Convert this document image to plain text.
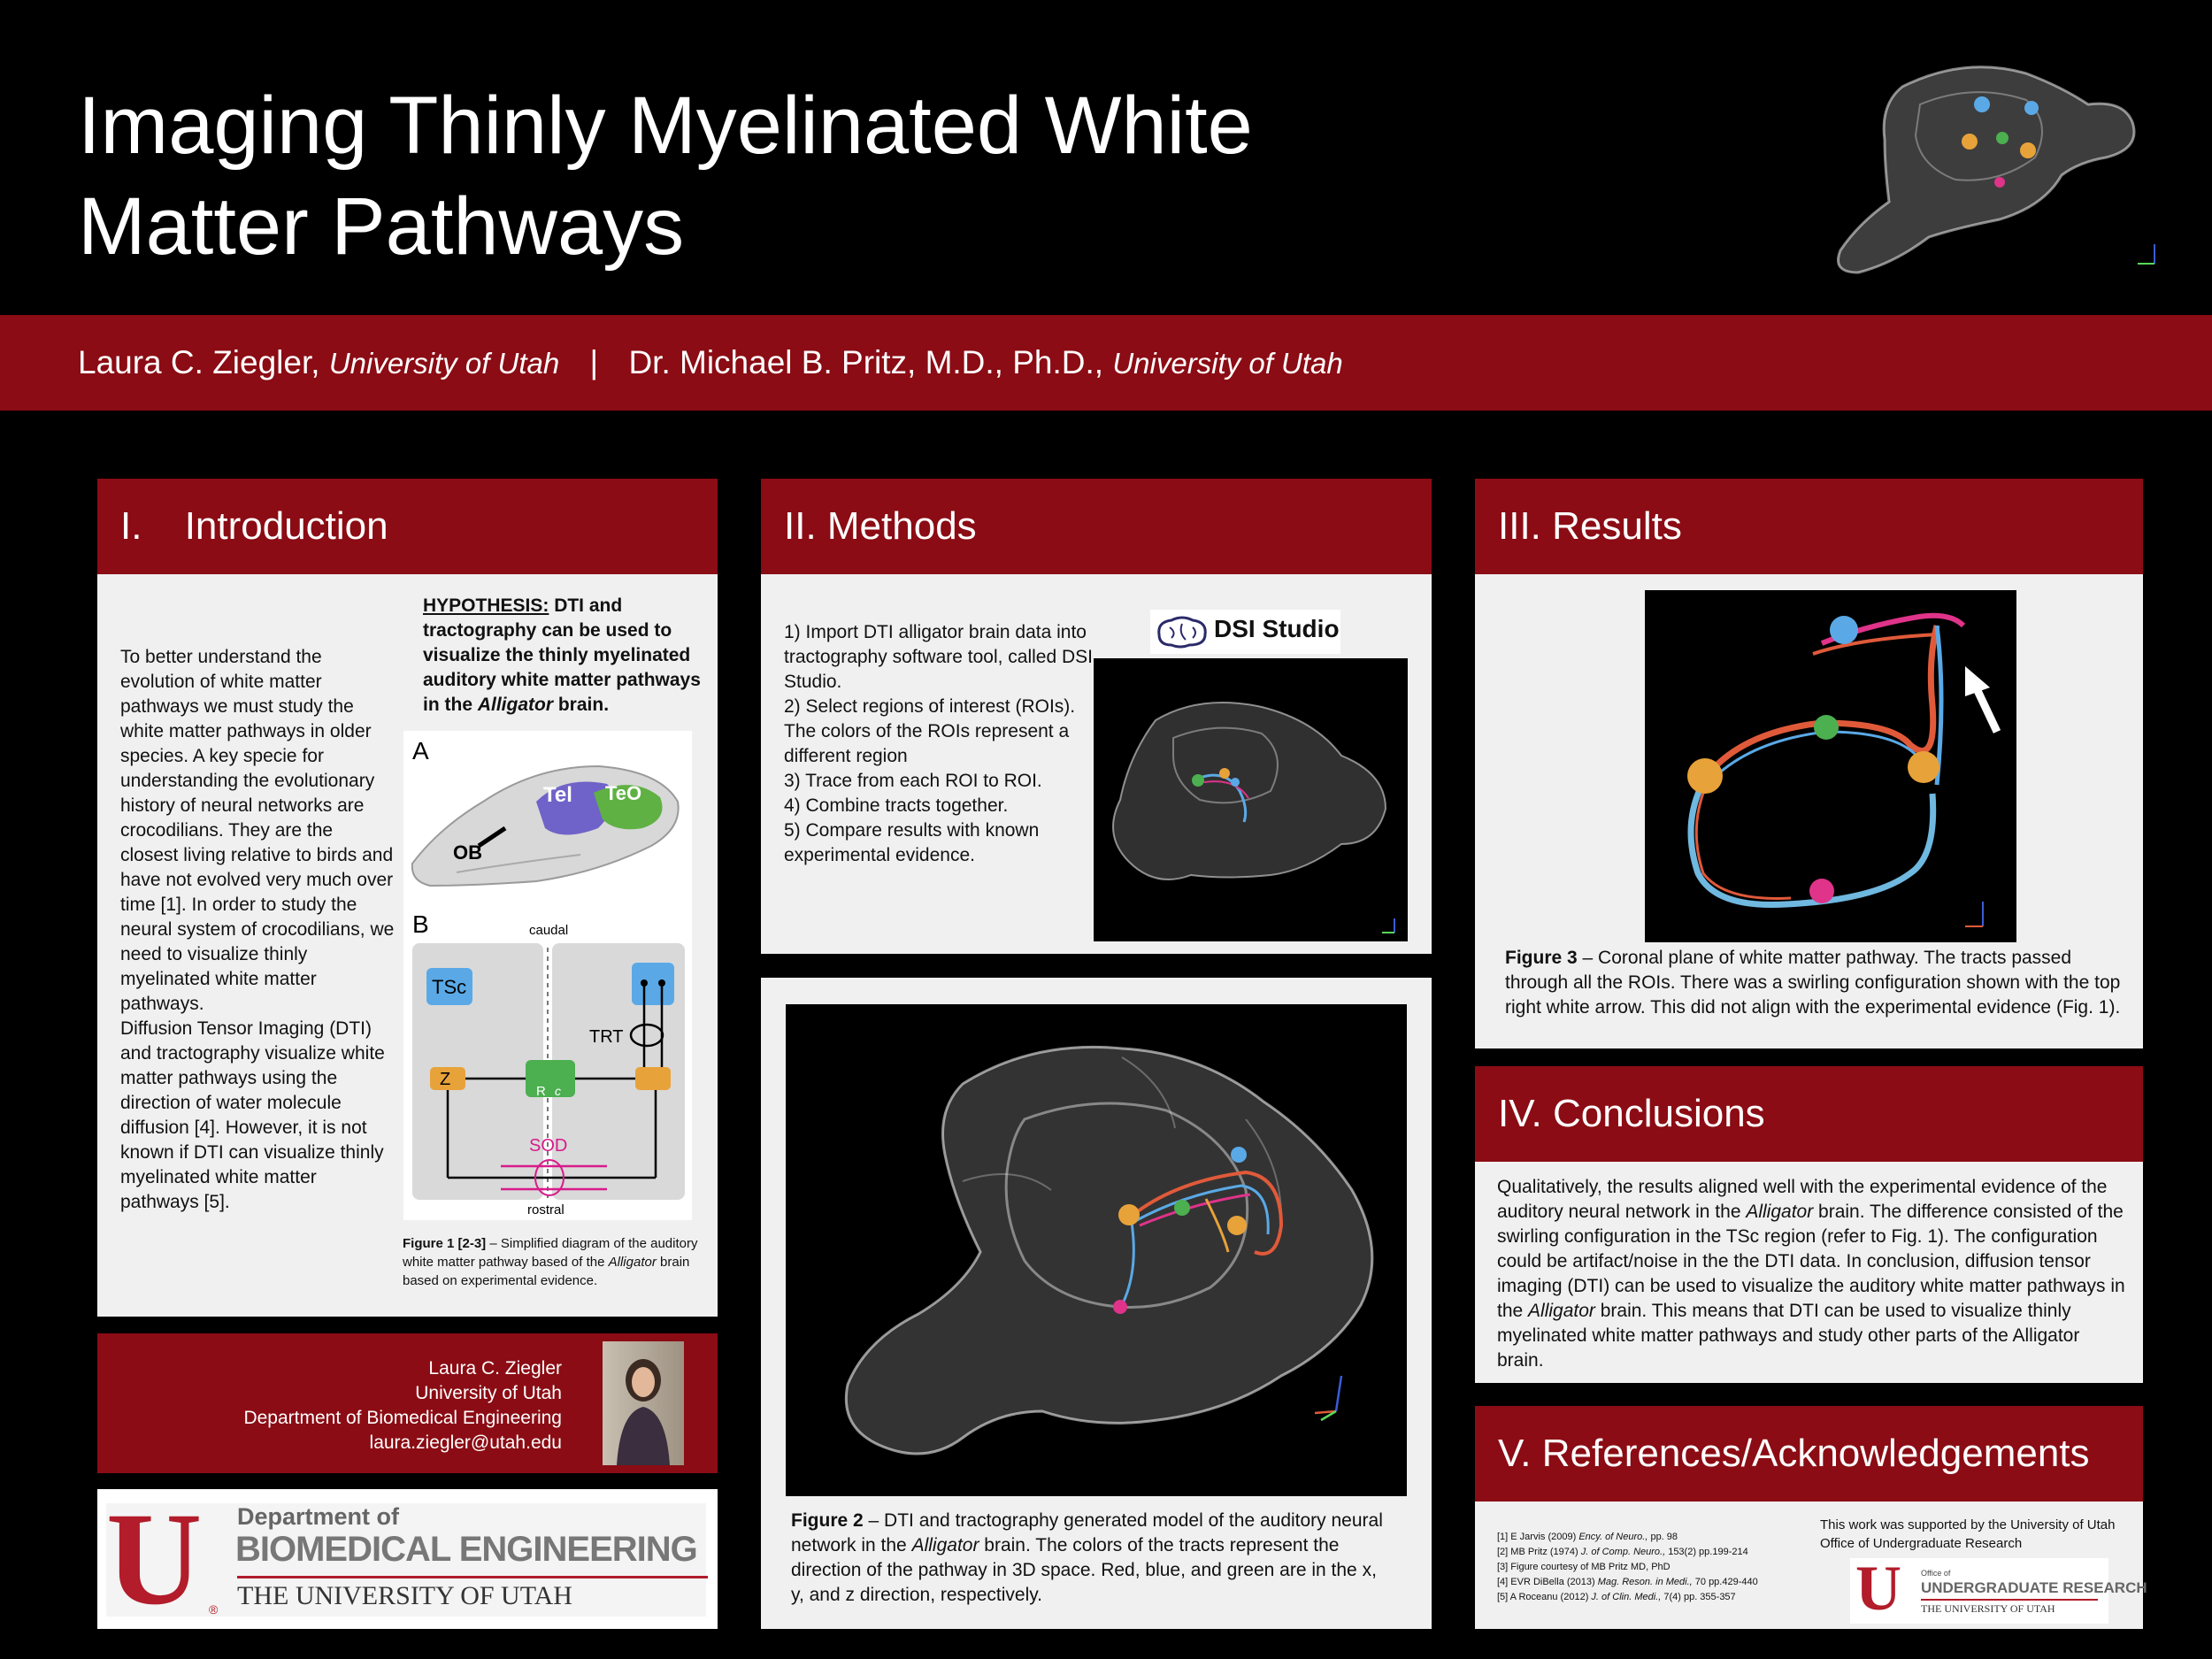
Imaging Thinly Myelinated White Matter Pathways
Laura C. Ziegler, University of Utah | Dr. Michael B. Pritz, M.D., Ph.D., University of Utah
I. Introduction
To better understand the evolution of white matter pathways we must study the white matter pathways in older species. A key specie for understanding the evolutionary history of neural networks are crocodilians. They are the closest living relative to birds and have not evolved very much over time [1]. In order to study the neural system of crocodilians, we need to visualize thinly myelinated white matter pathways.
Diffusion Tensor Imaging (DTI) and tractography visualize white matter pathways using the direction of water molecule diffusion [4]. However, it is not known if DTI can visualize thinly myelinated white matter pathways [5].
HYPOTHESIS: DTI and tractography can be used to visualize the thinly myelinated auditory white matter pathways in the Alligator brain.
A
Tel TeO
OB
B	caudal
TSc
Z
R c
TRT
SOD
rostral
Figure 1 [2-3] – Simplified diagram of the auditory white matter pathway based of the Alligator brain based on experimental evidence.
Laura C. Ziegler
University of Utah
Department of Biomedical Engineering
laura.ziegler@utah.edu
U ®
Department of
BIOMEDICAL ENGINEERING
THE UNIVERSITY OF UTAH
II. Methods
1) Import DTI alligator brain data into tractography software tool, called DSI Studio.
2) Select regions of interest (ROIs). The colors of the ROIs represent a different region
3) Trace from each ROI to ROI.
4) Combine tracts together.
5) Compare results with known experimental evidence.
DSI Studio
Figure 2 – DTI and tractography generated model of the auditory neural network in the Alligator brain. The colors of the tracts represent the direction of the pathway in 3D space. Red, blue, and green are in the x, y, and z direction, respectively.
III. Results
Figure 3 – Coronal plane of white matter pathway. The tracts passed through all the ROIs. There was a swirling configuration shown with the top right white arrow. This did not align with the experimental evidence (Fig. 1).
IV. Conclusions
Qualitatively, the results aligned well with the experimental evidence of the auditory neural network in the Alligator brain. The difference consisted of the swirling configuration in the TSc region (refer to Fig. 1). The configuration could be artifact/noise in the the DTI data. In conclusion, diffusion tensor imaging (DTI) can be used to visualize the auditory white matter pathways in the Alligator brain. This means that DTI can be used to visualize thinly myelinated white matter pathways and study other parts of the Alligator brain.
V. References/Acknowledgements
[1] E Jarvis (2009) Ency. of Neuro., pp. 98
[2] MB Pritz (1974) J. of Comp. Neuro., 153(2) pp.199-214
[3] Figure courtesy of MB Pritz MD, PhD
[4] EVR DiBella (2013) Mag. Reson. in Medi., 70 pp.429-440
[5] A Roceanu (2012) J. of Clin. Medi., 7(4) pp. 355-357
This work was supported by the University of Utah Office of Undergraduate Research
U Office of
UNDERGRADUATE RESEARCH
THE UNIVERSITY OF UTAH
